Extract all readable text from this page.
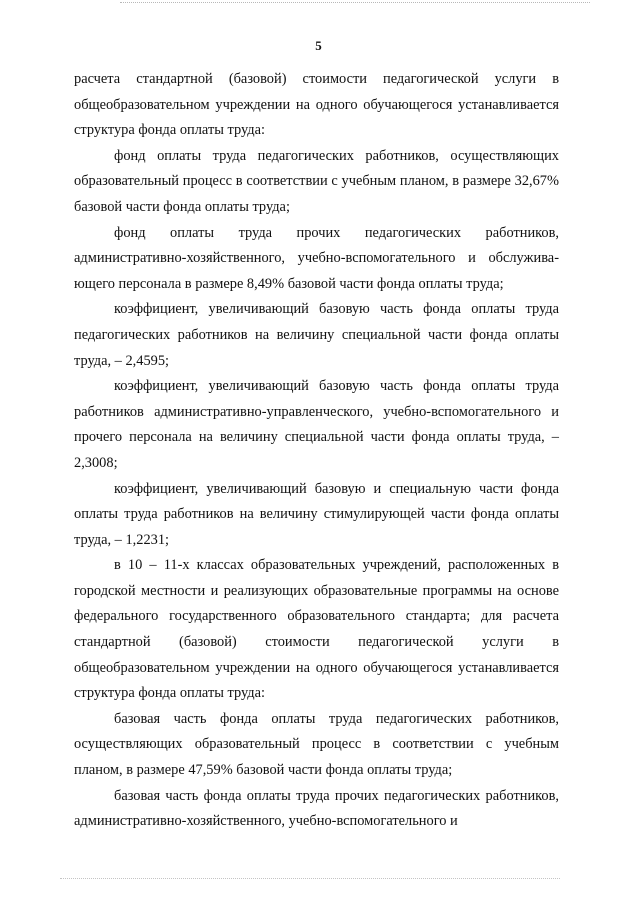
5

расчета стандартной (базовой) стоимости педагогической услуги в общеобразовательном учреждении на одного обучающегося устанавливается структура фонда оплаты труда:

фонд оплаты труда педагогических работников, осуществляющих образовательный процесс в соответствии с учебным планом, в размере 32,67% базовой части фонда оплаты труда;

фонд оплаты труда прочих педагогических работников, административно-хозяйственного, учебно-вспомогательного и обслужива-ющего персонала в размере 8,49% базовой части фонда оплаты труда;

коэффициент, увеличивающий базовую часть фонда оплаты труда педагогических работников на величину специальной части фонда оплаты труда, – 2,4595;

коэффициент, увеличивающий базовую часть фонда оплаты труда работников административно-управленческого, учебно-вспомогательного и прочего персонала на величину специальной части фонда оплаты труда, – 2,3008;

коэффициент, увеличивающий базовую и специальную части фонда оплаты труда работников на величину стимулирующей части фонда оплаты труда, – 1,2231;

в 10 – 11-х классах образовательных учреждений, расположенных в городской местности и реализующих образовательные программы на основе федерального государственного образовательного стандарта; для расчета стандартной (базовой) стоимости педагогической услуги в общеобразовательном учреждении на одного обучающегося устанавливается структура фонда оплаты труда:

базовая часть фонда оплаты труда педагогических работников, осуществляющих образовательный процесс в соответствии с учебным планом, в размере 47,59% базовой части фонда оплаты труда;

базовая часть фонда оплаты труда прочих педагогических работников, административно-хозяйственного, учебно-вспомогательного и
